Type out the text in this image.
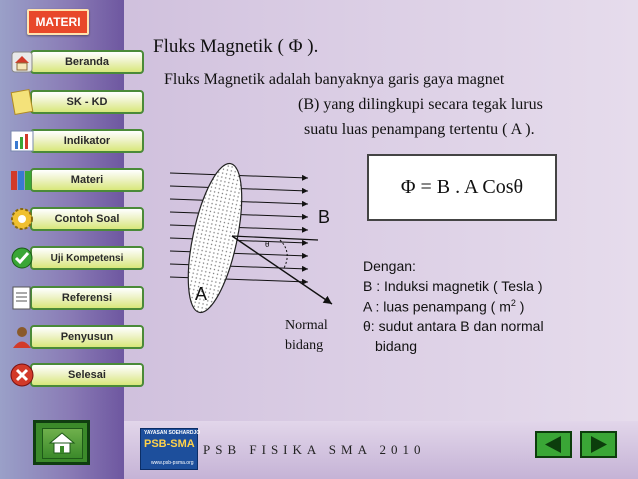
MATERI
Beranda
SK - KD
Indikator
Materi
Contoh Soal
Uji Kompetensi
Referensi
Penyusun
Selesai
Fluks Magnetik ( Φ ).
Fluks Magnetik adalah banyaknya garis gaya magnet
(B) yang dilingkupi secara tegak lurus
suatu luas penampang tertentu ( A ).
Φ = B . A Cosθ
B
A
θ
Normal
bidang
Dengan:
B : Induksi magnetik ( Tesla )
A : luas penampang ( $m^2$ )
θ: sudut antara B dan normal
bidang
YAYASAN SOEHARDJO
PSB-SMA
www.psb-psma.org
PSB FISIKA SMA 2010
